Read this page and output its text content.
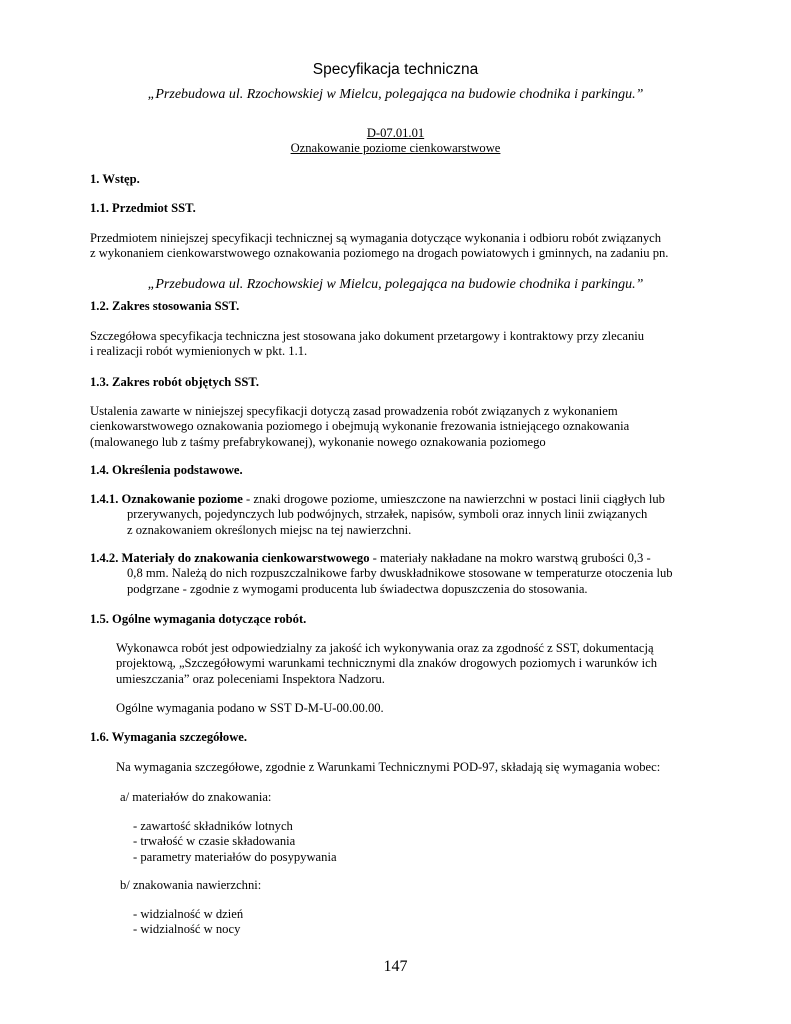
Specyfikacja techniczna
„Przebudowa ul. Rzochowskiej w Mielcu, polegająca na budowie chodnika i parkingu.”
D-07.01.01
Oznakowanie poziome cienkowarstwowe
1. Wstęp.
1.1. Przedmiot SST.

Przedmiotem niniejszej specyfikacji technicznej są wymagania dotyczące wykonania i odbioru robót związanych

z wykonaniem cienkowarstwowego oznakowania poziomego na drogach powiatowych i gminnych, na zadaniu pn.

„Przebudowa ul. Rzochowskiej w Mielcu, polegająca na budowie chodnika i parkingu.”
1.2. Zakres stosowania SST.

Szczegółowa specyfikacja techniczna jest stosowana jako dokument przetargowy i kontraktowy przy zlecaniu

i realizacji robót wymienionych w pkt. 1.1.

1.3. Zakres robót objętych SST.

Ustalenia zawarte w niniejszej specyfikacji dotyczą zasad prowadzenia robót związanych z wykonaniem

cienkowarstwowego oznakowania poziomego i obejmują wykonanie frezowania istniejącego oznakowania

(malowanego lub z taśmy prefabrykowanej), wykonanie nowego oznakowania poziomego

1.4. Określenia podstawowe.

1.4.1. Oznakowanie poziome - znaki drogowe poziome, umieszczone na nawierzchni w postaci linii ciągłych lub

przerywanych, pojedynczych lub podwójnych, strzałek, napisów, symboli oraz innych linii związanych

z oznakowaniem określonych miejsc na tej nawierzchni.

1.4.2. Materiały do znakowania cienkowarstwowego - materiały nakładane na mokro warstwą grubości 0,3 -

0,8 mm. Należą do nich rozpuszczalnikowe farby dwuskładnikowe stosowane w temperaturze otoczenia lub

podgrzane - zgodnie z wymogami producenta lub świadectwa dopuszczenia do stosowania.

1.5. Ogólne wymagania dotyczące robót.

Wykonawca robót jest odpowiedzialny za jakość ich wykonywania oraz za zgodność z SST, dokumentacją

projektową, „Szczegółowymi warunkami technicznymi dla znaków drogowych poziomych i warunków ich

umieszczania” oraz poleceniami Inspektora Nadzoru.

Ogólne wymagania podano w SST D-M-U-00.00.00.
1.6. Wymagania szczegółowe.
Na wymagania szczegółowe, zgodnie z Warunkami Technicznymi POD-97, składają się wymagania wobec:
a/ materiałów do znakowania:

- zawartość składników lotnych

- trwałość w czasie składowania

- parametry materiałów do posypywania

b/ znakowania nawierzchni:

- widzialność w dzień

- widzialność w nocy

147
